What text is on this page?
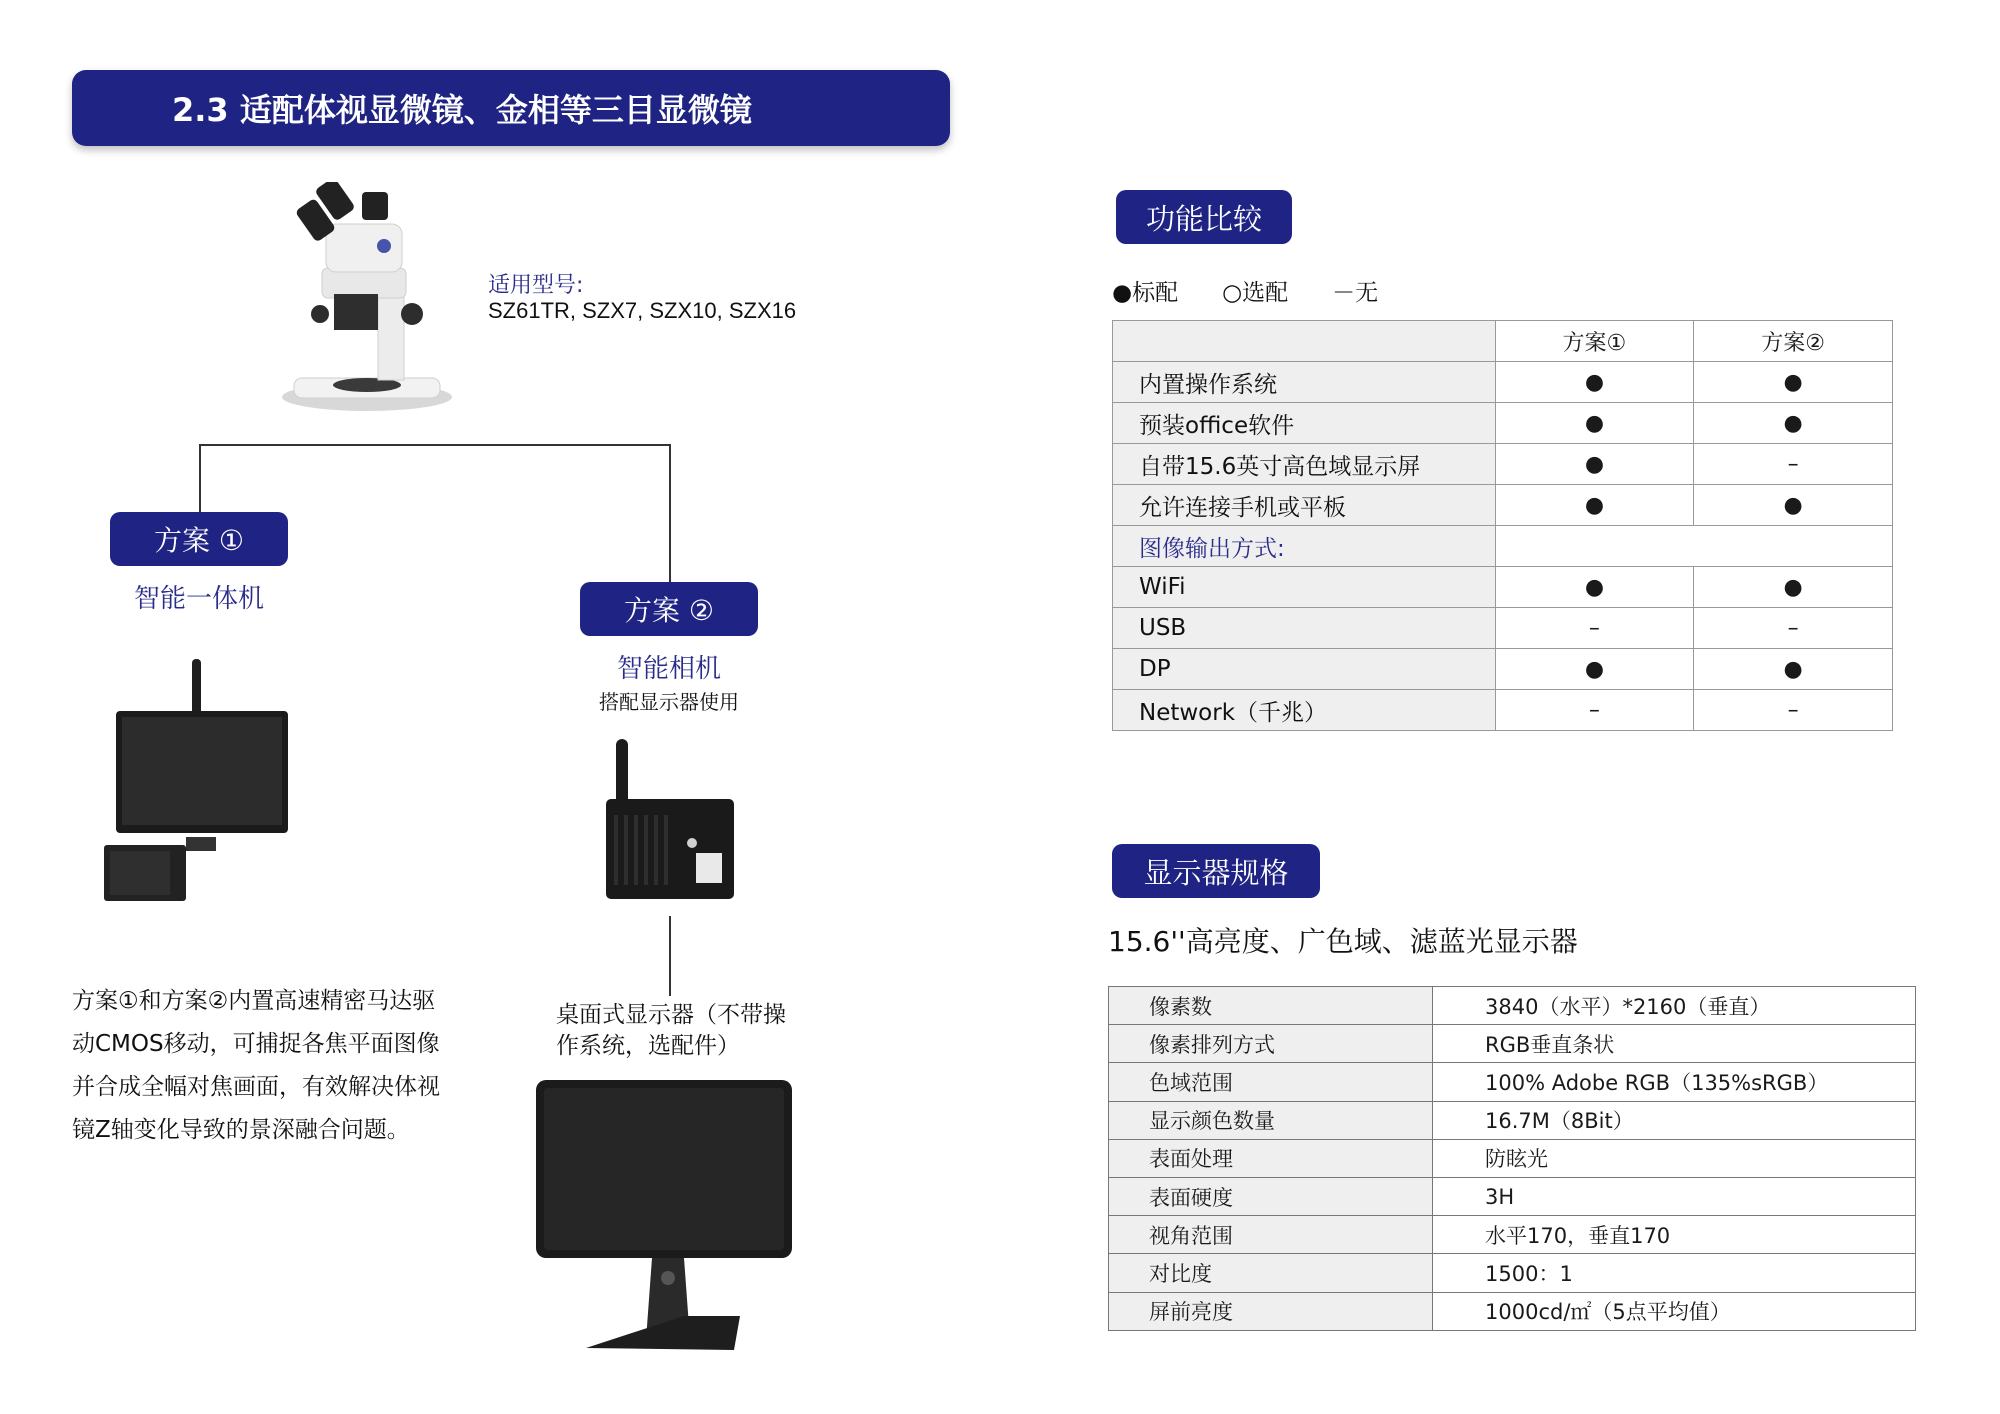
2.3 适配体视显微镜、金相等三目显微镜
适用型号:
SZ61TR, SZX7, SZX10, SZX16
方案 ①
智能一体机	方案 ②
智能相机
搭配显示器使用
方案①和方案②内置高速精密马达驱动CMOS移动，可捕捉各焦平面图像并合成全幅对焦画面，有效解决体视镜Z轴变化导致的景深融合问题。
桌面式显示器（不带操作系统，选配件）
功能比较
●标配 ○选配 －无
	方案①	方案②
内置操作系统	●	●
预装office软件	●	●
自带15.6英寸高色域显示屏	●	–
允许连接手机或平板	●	●
图像输出方式:		
WiFi	●	●
USB	–	–
DP	●	●
Network（千兆）	–	–
显示器规格
15.6''高亮度、广色域、滤蓝光显示器
像素数	3840（水平）*2160（垂直）
像素排列方式	RGB垂直条状
色域范围	100% Adobe RGB（135%sRGB）
显示颜色数量	16.7M（8Bit）
表面处理	防眩光
表面硬度	3H
视角范围	水平170，垂直170
对比度	1500：1
屏前亮度	1000cd/㎡（5点平均值）
